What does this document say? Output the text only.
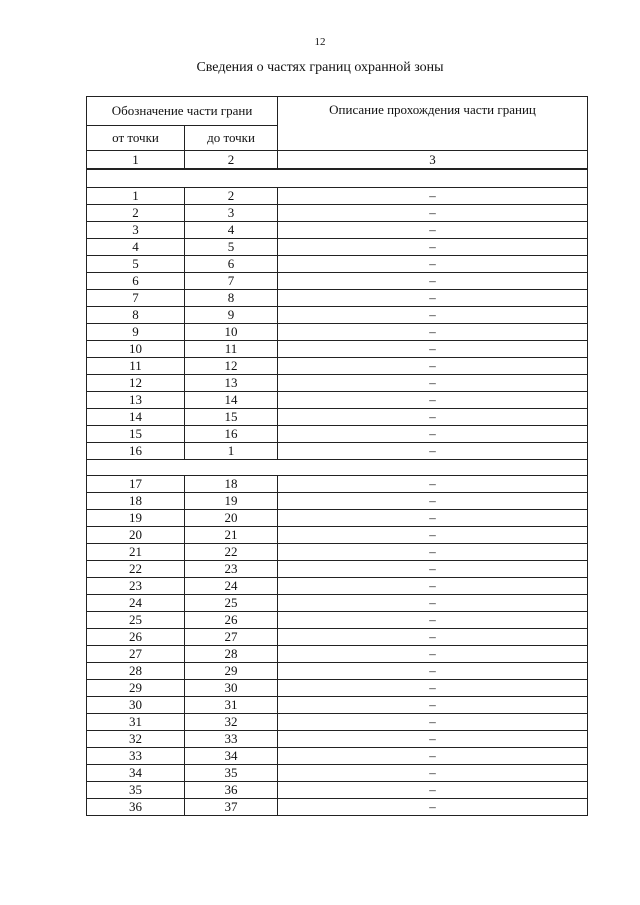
12
Сведения о частях границ охранной зоны
Обозначение части грани		Описание прохождения части границ
от точки	до точки	
1	2	3

1	2	–
2	3	–
3	4	–
4	5	–
5	6	–
6	7	–
7	8	–
8	9	–
9	10	–
10	11	–
11	12	–
12	13	–
13	14	–
14	15	–
15	16	–
16	1	–

17	18	–
18	19	–
19	20	–
20	21	–
21	22	–
22	23	–
23	24	–
24	25	–
25	26	–
26	27	–
27	28	–
28	29	–
29	30	–
30	31	–
31	32	–
32	33	–
33	34	–
34	35	–
35	36	–
36	37	–
